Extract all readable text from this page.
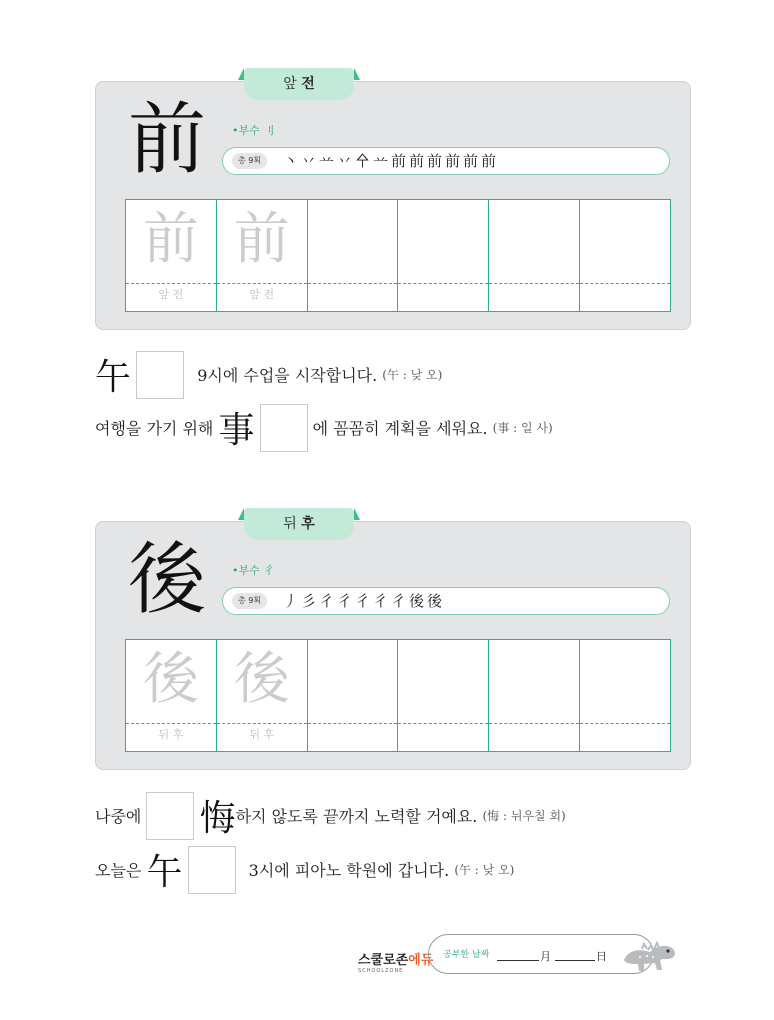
앞 전
前 •부수 刂
총 9획	丶丷䒑丷㐃䒑前前前前前前
前
앞 전
前
앞 전
午	9시에 수업을 시작합니다. (午 : 낮 오)
여행을 가기 위해 事	에 꼼꼼히 계획을 세워요. (事 : 일 사)
뒤 후
後 •부수 彳
총 9획	丿彡彳彳彳彳彳後後
後
뒤 후
後
뒤 후
나중에 悔하지 않도록 끝까지 노력할 거예요. (悔 : 뉘우칠 회)
오늘은 午	3시에 피아노 학원에 갑니다. (午 : 낮 오)
스쿨로존에듀
SCHOOLZONE
공부한 날짜	月	日
